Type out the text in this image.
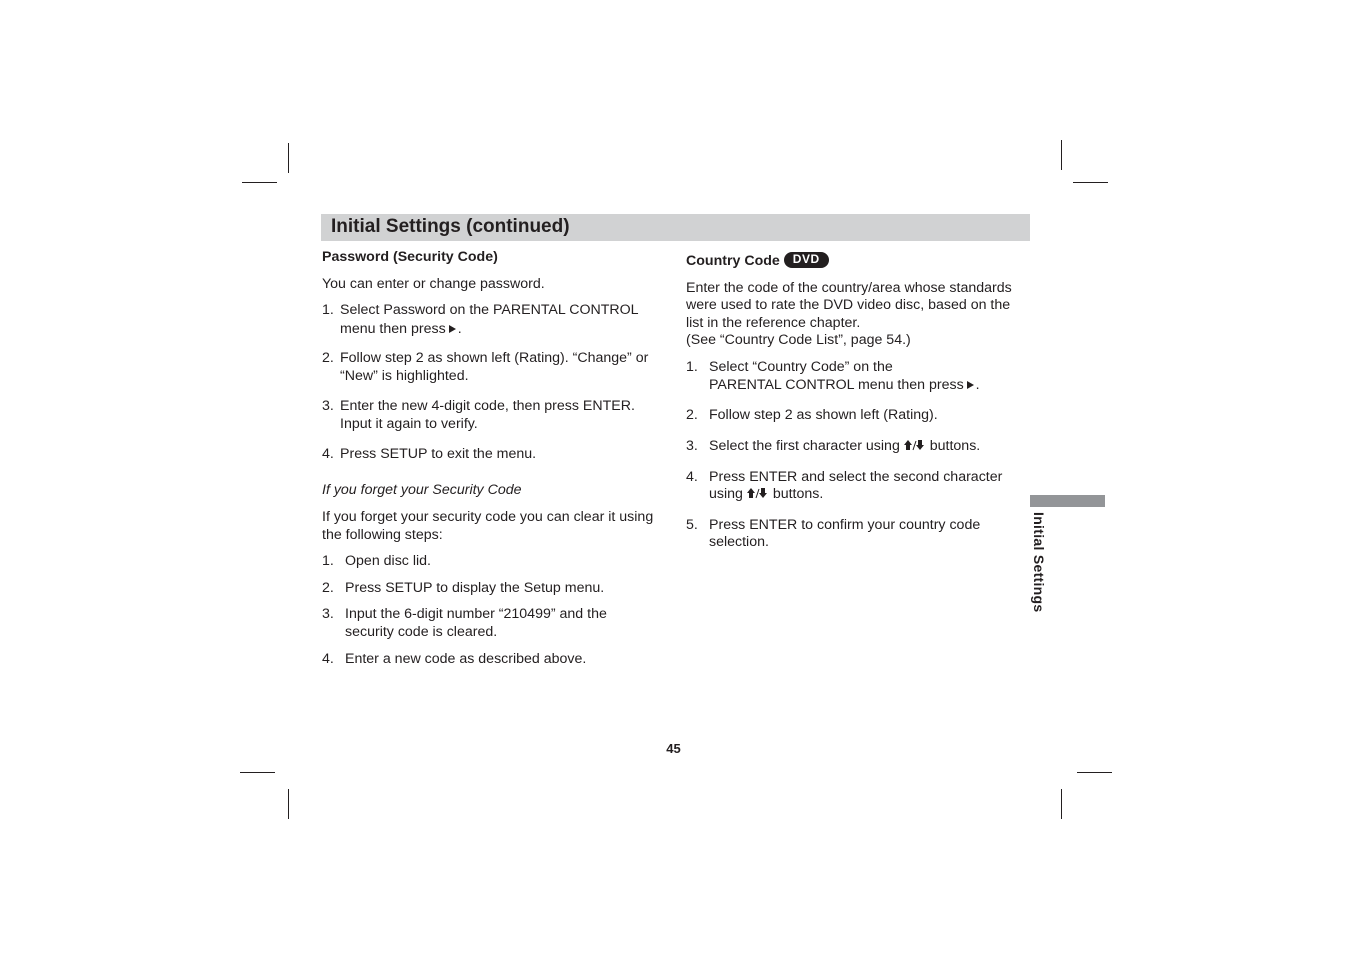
Initial Settings (continued)

Password (Security Code)

You can enter or change password.

1. Select Password on the PARENTAL CONTROL
menu then press .
2. Follow step 2 as shown left (Rating). “Change” or
“New” is highlighted.
3. Enter the new 4-digit code, then press ENTER.
Input it again to verify.
4. Press SETUP to exit the menu.

If you forget your Security Code

If you forget your security code you can clear it using
the following steps:

1. Open disc lid.
2. Press SETUP to display the Setup menu.
3. Input the 6-digit number “210499” and the
security code is cleared.
4. Enter a new code as described above.

Country Code DVD

Enter the code of the country/area whose standards
were used to rate the DVD video disc, based on the
list in the reference chapter.
(See “Country Code List”, page 54.)

1. Select “Country Code” on the
PARENTAL CONTROL menu then press .
2. Follow step 2 as shown left (Rating).
3. Select the first character using buttons.
4. Press ENTER and select the second character
using buttons.
5. Press ENTER to confirm your country code
selection.	Initial Settings
45
